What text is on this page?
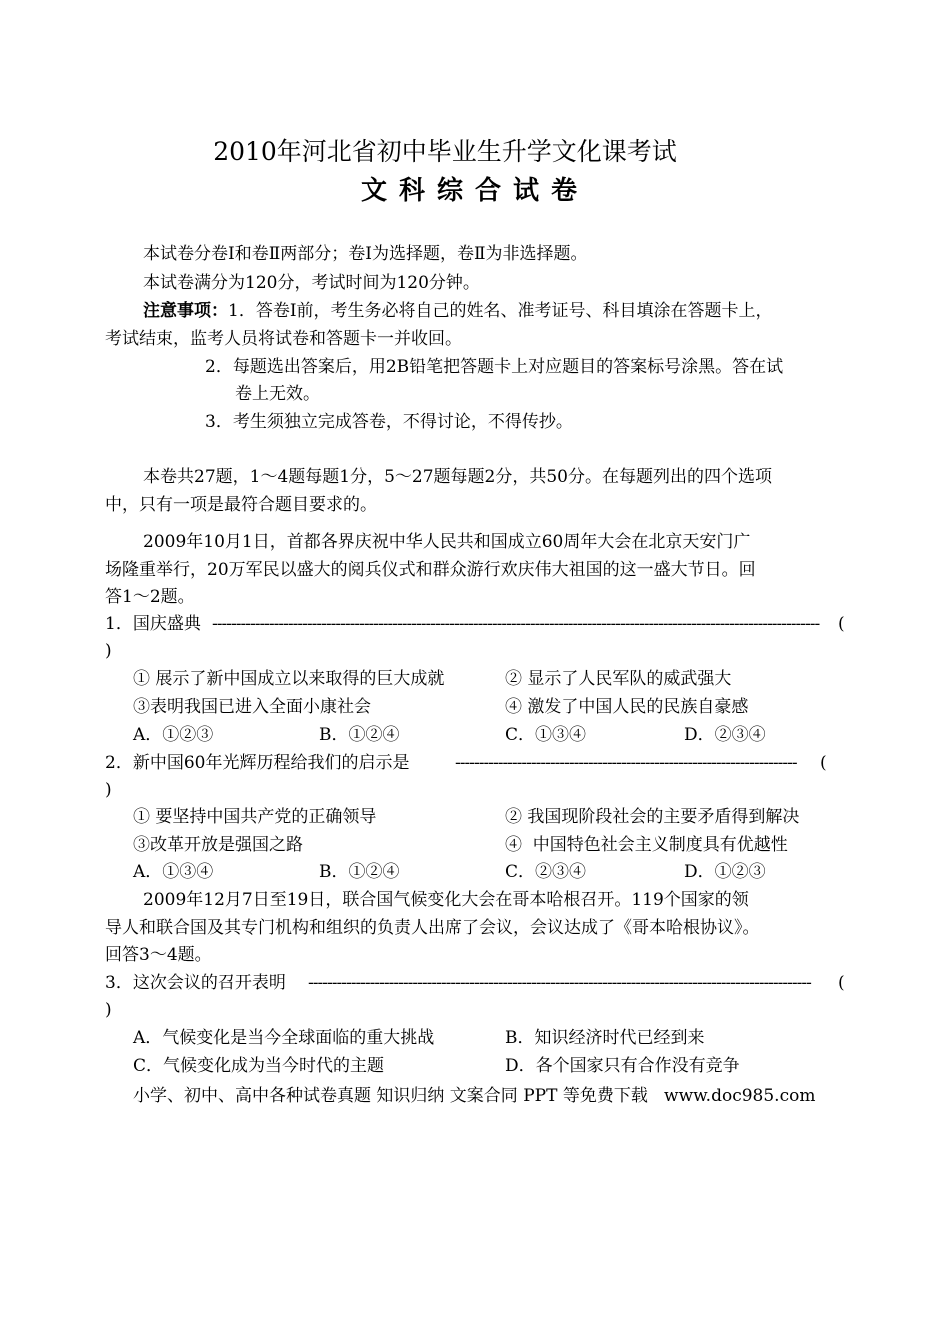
2010年河北省初中毕业生升学文化课考试
文科综合试卷
本试卷分卷Ⅰ和卷Ⅱ两部分；卷Ⅰ为选择题，卷Ⅱ为非选择题。
本试卷满分为120分，考试时间为120分钟。
注意事项：1．答卷Ⅰ前，考生务必将自己的姓名、准考证号、科目填涂在答题卡上，
考试结束，监考人员将试卷和答题卡一并收回。
2．每题选出答案后，用2B铅笔把答题卡上对应题目的答案标号涂黑。答在试
卷上无效。
3．考生须独立完成答卷，不得讨论，不得传抄。
本卷共27题，1～4题每题1分，5～27题每题2分，共50分。在每题列出的四个选项
中，只有一项是最符合题目要求的。
2009年10月1日，首都各界庆祝中华人民共和国成立60周年大会在北京天安门广
场隆重举行，20万军民以盛大的阅兵仪式和群众游行欢庆伟大祖国的这一盛大节日。回
答1～2题。
1．国庆盛典 --------------------------------------------------------------------------------------------------------------------------------	(
)
① 展示了新中国成立以来取得的巨大成就	② 显示了人民军队的威武强大
③表明我国已进入全面小康社会	④ 激发了中国人民的民族自豪感
A．①②③	B．①②④	C．①③④	D．②③④
2．新中国60年光辉历程给我们的启示是 ------------------------------------------------------------------------	(
)
① 要坚持中国共产党的正确领导	② 我国现阶段社会的主要矛盾得到解决
③改革开放是强国之路	④  中国特色社会主义制度具有优越性
A．①③④	B．①②④	C．②③④	D．①②③
2009年12月7日至19日，联合国气候变化大会在哥本哈根召开。119个国家的领
导人和联合国及其专门机构和组织的负责人出席了会议，会议达成了《哥本哈根协议》。
回答3～4题。
3．这次会议的召开表明 ----------------------------------------------------------------------------------------------------------	(
)
A．气候变化是当今全球面临的重大挑战	B．知识经济时代已经到来
C．气候变化成为当今时代的主题	D．各个国家只有合作没有竞争
小学、初中、高中各种试卷真题 知识归纳 文案合同 PPT 等免费下载   www.doc985.com
